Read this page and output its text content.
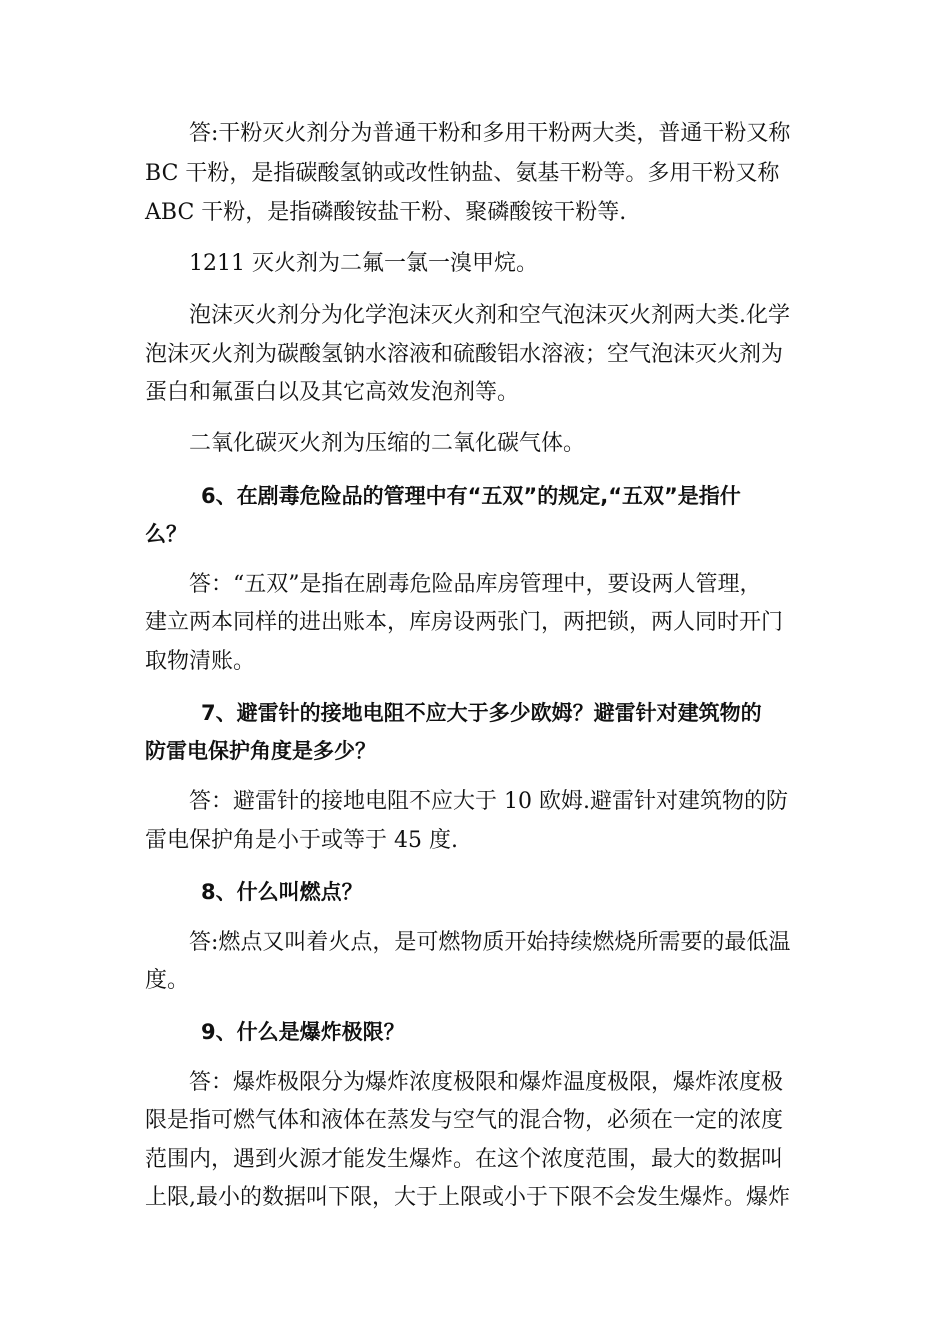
答:干粉灭火剂分为普通干粉和多用干粉两大类，普通干粉又称
BC 干粉，是指碳酸氢钠或改性钠盐、氨基干粉等。多用干粉又称
ABC 干粉，是指磷酸铵盐干粉、聚磷酸铵干粉等.
1211 灭火剂为二氟一氯一溴甲烷。
泡沫灭火剂分为化学泡沫灭火剂和空气泡沫灭火剂两大类.化学
泡沫灭火剂为碳酸氢钠水溶液和硫酸铝水溶液；空气泡沫灭火剂为
蛋白和氟蛋白以及其它高效发泡剂等。
二氧化碳灭火剂为压缩的二氧化碳气体。
6、在剧毒危险品的管理中有“五双”的规定,“五双”是指什
么？
答：“五双”是指在剧毒危险品库房管理中，要设两人管理，
建立两本同样的进出账本，库房设两张门，两把锁，两人同时开门
取物清账。
7、避雷针的接地电阻不应大于多少欧姆？避雷针对建筑物的
防雷电保护角度是多少？
答：避雷针的接地电阻不应大于 10 欧姆.避雷针对建筑物的防
雷电保护角是小于或等于 45 度.
8、什么叫燃点？
答:燃点又叫着火点，是可燃物质开始持续燃烧所需要的最低温
度。
9、什么是爆炸极限？
答：爆炸极限分为爆炸浓度极限和爆炸温度极限，爆炸浓度极
限是指可燃气体和液体在蒸发与空气的混合物，必须在一定的浓度
范围内，遇到火源才能发生爆炸。在这个浓度范围，最大的数据叫
上限,最小的数据叫下限，大于上限或小于下限不会发生爆炸。爆炸
